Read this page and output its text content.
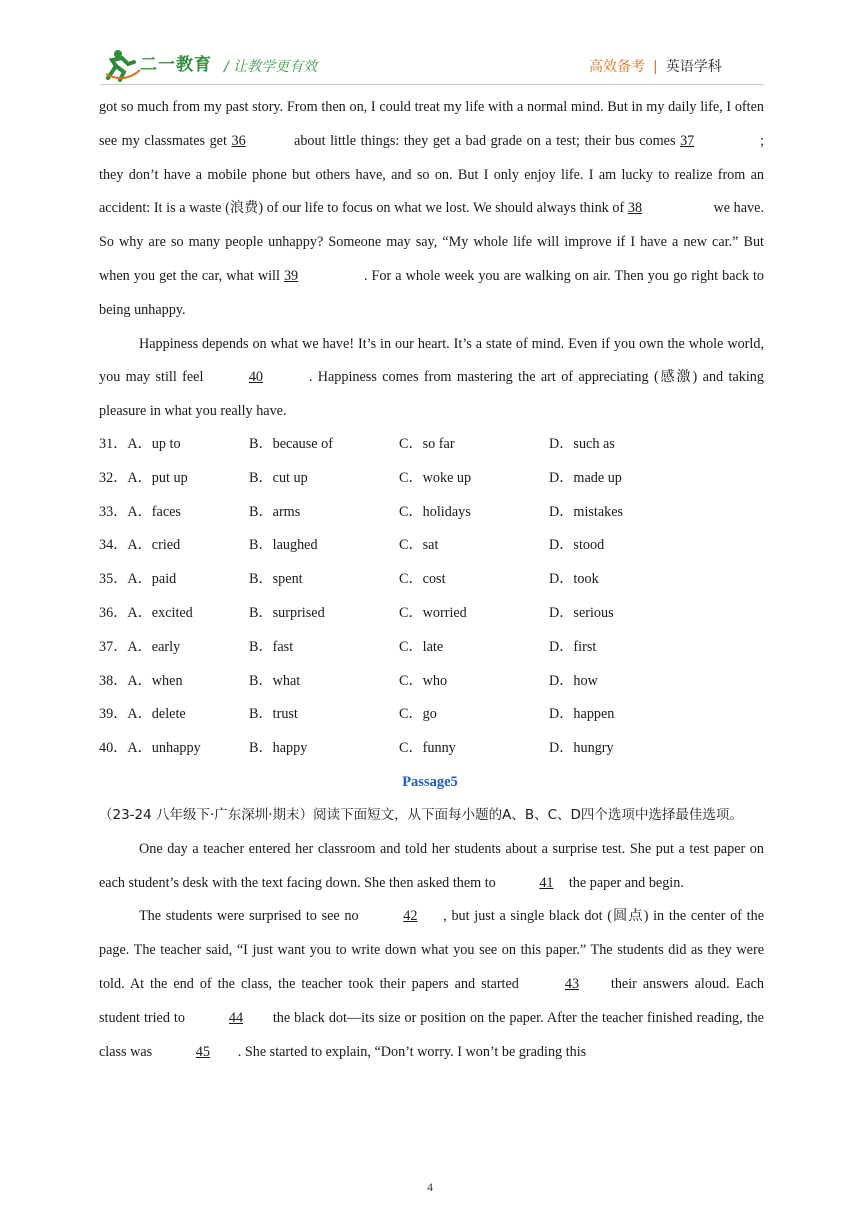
二一教育 / 让教学更有效	高效备考 | 英语学科

got so much from my past story. From then on, I could treat my life with a normal mind. But in my daily life, I often see my classmates get 36	about little things: they get a bad grade on a test; their bus comes 37	; they don’t have a mobile phone but others have, and so on. But I only enjoy life. I am lucky to realize from an accident: It is a waste (浪费) of our life to focus on what we lost. We should always think of 38	we have. So why are so many people unhappy? Someone may say, “My whole life will improve if I have a new car.” But when you get the car, what will 39	. For a whole week you are walking on air. Then you go right back to being unhappy.

Happiness depends on what we have! It’s in our heart. It’s a state of mind. Even if you own the whole world, you may still feel	40	. Happiness comes from mastering the art of appreciating (感激) and taking pleasure in what you really have.

31．A．up to	B．because of	C．so far	D．such as
32．A．put up	B．cut up	C．woke up	D．made up
33．A．faces	B．arms	C．holidays	D．mistakes
34．A．cried	B．laughed	C．sat	D．stood
35．A．paid	B．spent	C．cost	D．took
36．A．excited	B．surprised	C．worried	D．serious
37．A．early	B．fast	C．late	D．first
38．A．when	B．what	C．who	D．how
39．A．delete	B．trust	C．go	D．happen
40．A．unhappy	B．happy	C．funny	D．hungry
Passage5

（23-24 八年级下·广东深圳·期末）阅读下面短文，从下面每小题的A、B、C、D四个选项中选择最佳选项。

One day a teacher entered her classroom and told her students about a surprise test. She put a test paper on each student’s desk with the text facing down. She then asked them to	41 the paper and begin.

The students were surprised to see no	42 , but just a single black dot (圆点) in the center of the page. The teacher said, “I just want you to write down what you see on this paper.” The students did as they were told. At the end of the class, the teacher took their papers and started	43 their answers aloud. Each student tried to	44 the black dot—its size or position on the paper. After the teacher finished reading, the class was	45 . She started to explain, “Don’t worry. I won’t be grading this

4
